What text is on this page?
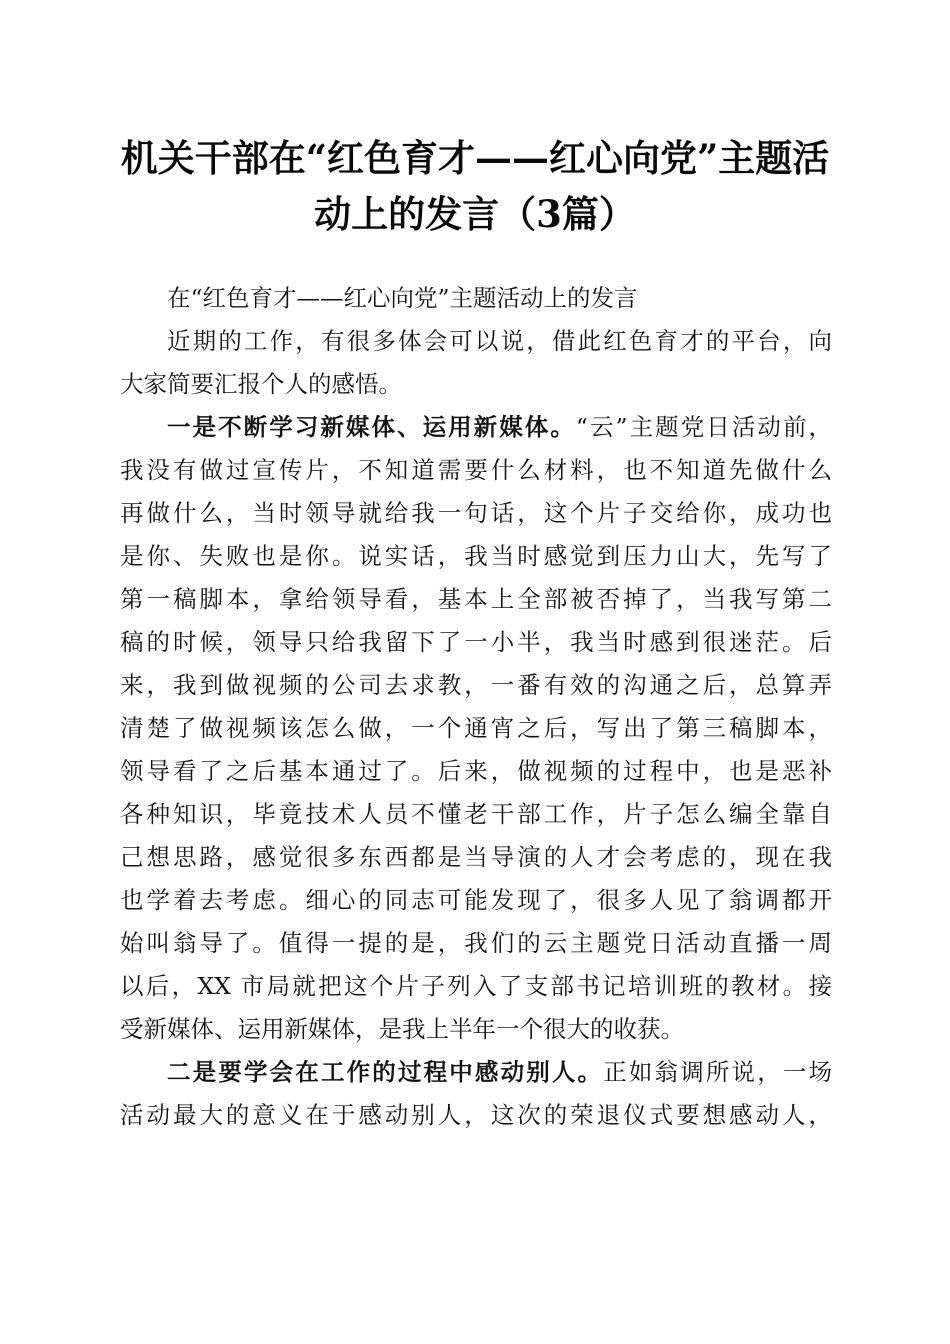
机关干部在“红色育才——红心向党”主题活
动上的发言（3篇）
在“红色育才——红心向党”主题活动上的发言
近期的工作，有很多体会可以说，借此红色育才的平台，向
大家简要汇报个人的感悟。
一是不断学习新媒体、运用新媒体。“云”主题党日活动前，
我没有做过宣传片，不知道需要什么材料，也不知道先做什么
再做什么，当时领导就给我一句话，这个片子交给你，成功也
是你、失败也是你。说实话，我当时感觉到压力山大，先写了
第一稿脚本，拿给领导看，基本上全部被否掉了，当我写第二
稿的时候，领导只给我留下了一小半，我当时感到很迷茫。后
来，我到做视频的公司去求教，一番有效的沟通之后，总算弄
清楚了做视频该怎么做，一个通宵之后，写出了第三稿脚本，
领导看了之后基本通过了。后来，做视频的过程中，也是恶补
各种知识，毕竟技术人员不懂老干部工作，片子怎么编全靠自
己想思路，感觉很多东西都是当导演的人才会考虑的，现在我
也学着去考虑。细心的同志可能发现了，很多人见了翁调都开
始叫翁导了。值得一提的是，我们的云主题党日活动直播一周
以后，XX 市局就把这个片子列入了支部书记培训班的教材。接
受新媒体、运用新媒体，是我上半年一个很大的收获。
二是要学会在工作的过程中感动别人。正如翁调所说，一场
活动最大的意义在于感动别人，这次的荣退仪式要想感动人，
